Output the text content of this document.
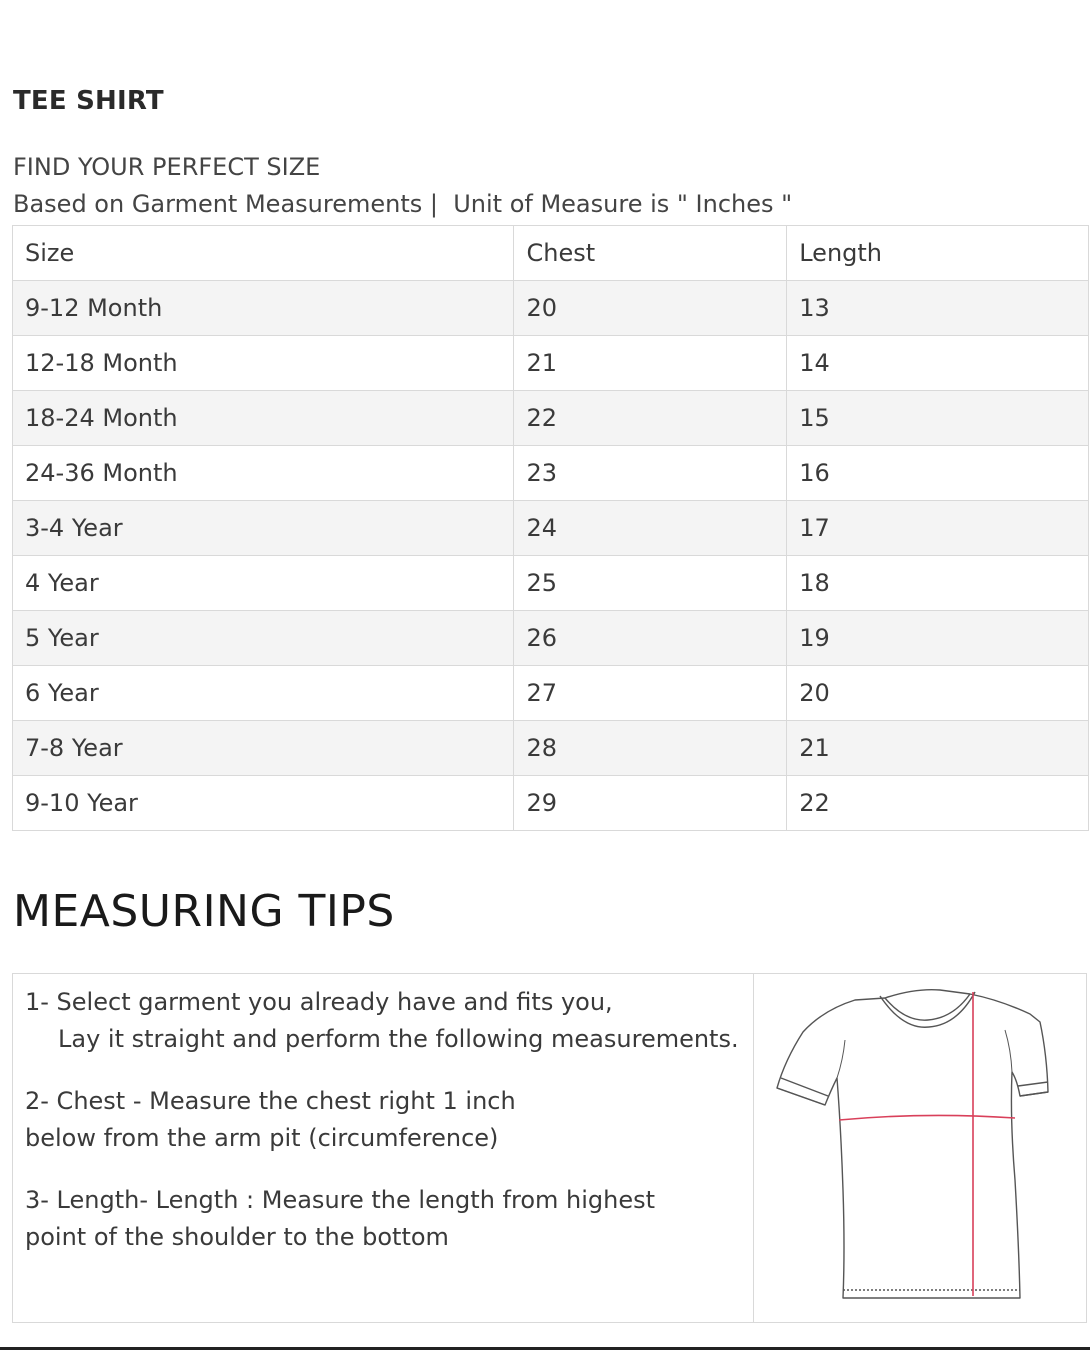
TEE SHIRT
FIND YOUR PERFECT SIZE
Based on Garment Measurements |  Unit of Measure is " Inches "
Size	Chest	Length
9-12 Month	20	13
12-18 Month	21	14
18-24 Month	22	15
24-36 Month	23	16
3-4 Year	24	17
4 Year	25	18
5 Year	26	19
6 Year	27	20
7-8 Year	28	21
9-10 Year	29	22
MEASURING TIPS
1- Select garment you already have and fits you,
Lay it straight and perform the following measurements.
2- Chest - Measure the chest right 1 inch
below from the arm pit (circumference)
3- Length- Length : Measure the length from highest
point of the shoulder to the bottom
